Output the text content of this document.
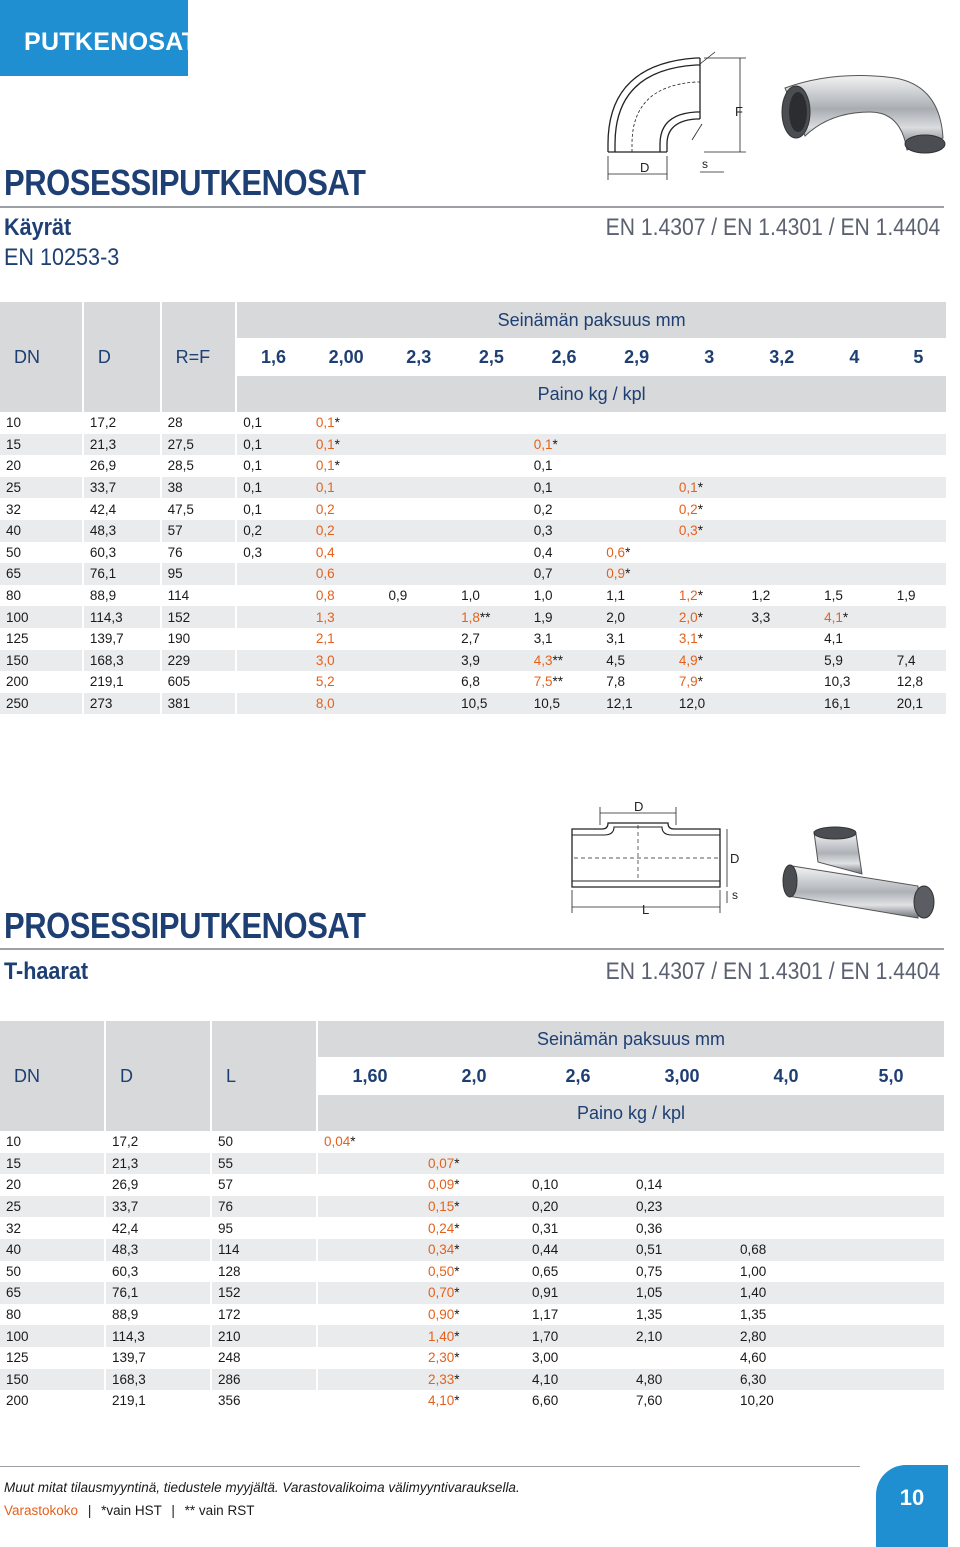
PUTKENOSAT
F
D	s
PROSESSIPUTKENOSAT
Käyrät
EN 10253-3
EN 1.4307 / EN 1.4301 / EN 1.4404
DN	D	R=F	Seinämän paksuus mm									
			1,6	2,00	2,3	2,5	2,6	2,9	3	3,2	4	5
			Paino kg / kpl									
10	17,2	28	0,1	0,1*								
15	21,3	27,5	0,1	0,1*			0,1*					
20	26,9	28,5	0,1	0,1*			0,1					
25	33,7	38	0,1	0,1			0,1		0,1*			
32	42,4	47,5	0,1	0,2			0,2		0,2*			
40	48,3	57	0,2	0,2			0,3		0,3*			
50	60,3	76	0,3	0,4			0,4	0,6*				
65	76,1	95		0,6			0,7	0,9*				
80	88,9	114		0,8	0,9	1,0	1,0	1,1	1,2*	1,2	1,5	1,9
100	114,3	152		1,3		1,8**	1,9	2,0	2,0*	3,3	4,1*	
125	139,7	190		2,1		2,7	3,1	3,1	3,1*		4,1	
150	168,3	229		3,0		3,9	4,3**	4,5	4,9*		5,9	7,4
200	219,1	605		5,2		6,8	7,5**	7,8	7,9*		10,3	12,8
250	273	381		8,0		10,5	10,5	12,1	12,0		16,1	20,1
D
D
L
s
PROSESSIPUTKENOSAT
T-haarat	EN 1.4307 / EN 1.4301 / EN 1.4404
DN	D	L	Seinämän paksuus mm					
			1,60	2,0	2,6	3,00	4,0	5,0
			Paino kg / kpl					
10	17,2	50	0,04*					
15	21,3	55		0,07*				
20	26,9	57		0,09*	0,10	0,14		
25	33,7	76		0,15*	0,20	0,23		
32	42,4	95		0,24*	0,31	0,36		
40	48,3	114		0,34*	0,44	0,51	0,68	
50	60,3	128		0,50*	0,65	0,75	1,00	
65	76,1	152		0,70*	0,91	1,05	1,40	
80	88,9	172		0,90*	1,17	1,35	1,35	
100	114,3	210		1,40*	1,70	2,10	2,80	
125	139,7	248		2,30*	3,00		4,60	
150	168,3	286		2,33*	4,10	4,80	6,30	
200	219,1	356		4,10*	6,60	7,60	10,20	
Muut mitat tilausmyyntinä, tiedustele myyjältä. Varastovalikoima välimyyntivarauksella.
Varastokoko | *vain HST | ** vain RST
10
